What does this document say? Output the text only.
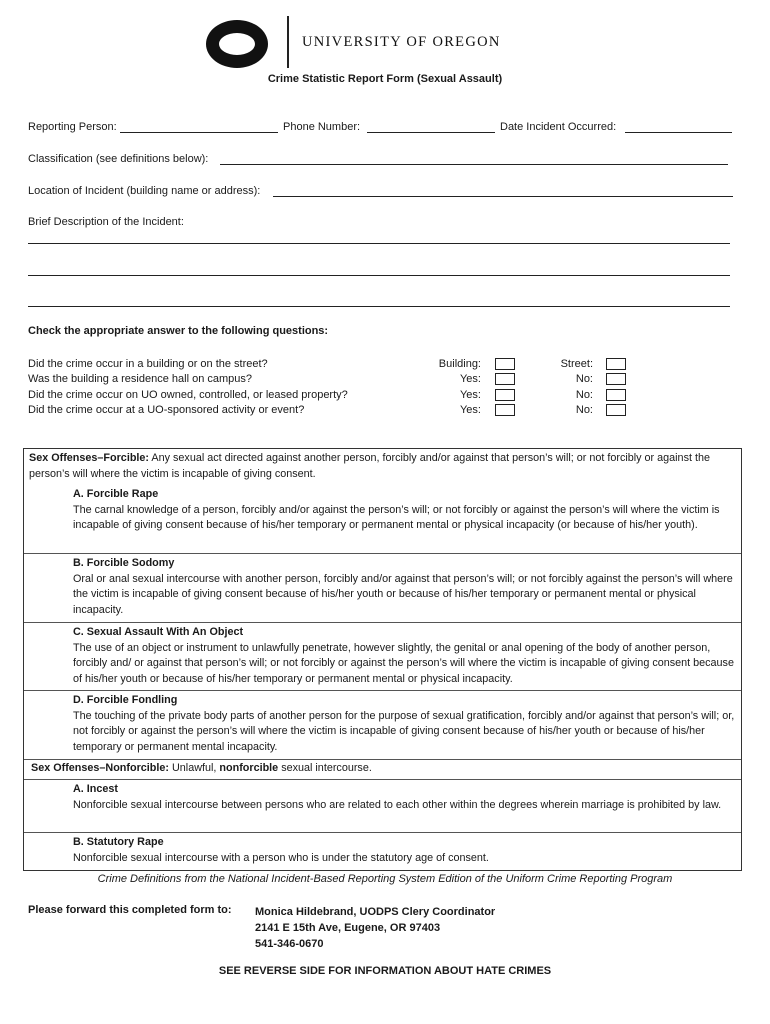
UNIVERSITY OF OREGON
Crime Statistic Report Form (Sexual Assault)
Reporting Person:	Phone Number:	Date Incident Occurred:
Classification (see definitions below):
Location of Incident (building name or address):
Brief Description of the Incident:
Check the appropriate answer to the following questions:
Did the crime occur in a building or on the street?
Was the building a residence hall on campus?
Did the crime occur on UO owned, controlled, or leased property?
Did the crime occur at a UO-sponsored activity or event?
Building:
Yes:
Yes:
Yes:
Street:
No:
No:
No:
Sex Offenses–Forcible: Any sexual act directed against another person, forcibly and/or against that person’s will; or not forcibly or against the person’s will where the victim is incapable of giving consent.
A. Forcible Rape
The carnal knowledge of a person, forcibly and/or against the person’s will; or not forcibly or against the person’s will where the victim is incapable of giving consent because of his/her temporary or permanent mental or physical incapacity (or because of his/her youth).
B. Forcible Sodomy
Oral or anal sexual intercourse with another person, forcibly and/or against that person’s will; or not forcibly against the person’s will where the victim is incapable of giving consent because of his/her youth or because of his/her temporary or permanent mental or physical incapacity.
C. Sexual Assault With An Object
The use of an object or instrument to unlawfully penetrate, however slightly, the genital or anal opening of the body of another person, forcibly and/ or against that person’s will; or not forcibly or against the person’s will where the victim is incapable of giving consent because of his/her youth or because of his/her temporary or permanent mental or physical incapacity.
D. Forcible Fondling
The touching of the private body parts of another person for the purpose of sexual gratification, forcibly and/or against that person’s will; or, not forcibly or against the person’s will where the victim is incapable of giving consent because of his/her youth or because of his/her temporary or permanent mental incapacity.
Sex Offenses–Nonforcible: Unlawful, nonforcible sexual intercourse.
A. Incest
Nonforcible sexual intercourse between persons who are related to each other within the degrees wherein marriage is prohibited by law.
B. Statutory Rape
Nonforcible sexual intercourse with a person who is under the statutory age of consent.
Crime Definitions from the National Incident-Based Reporting System Edition of the Uniform Crime Reporting Program
Please forward this completed form to: Monica Hildebrand, UODPS Clery Coordinator
2141 E 15th Ave, Eugene, OR 97403
541-346-0670
SEE REVERSE SIDE FOR INFORMATION ABOUT HATE CRIMES
